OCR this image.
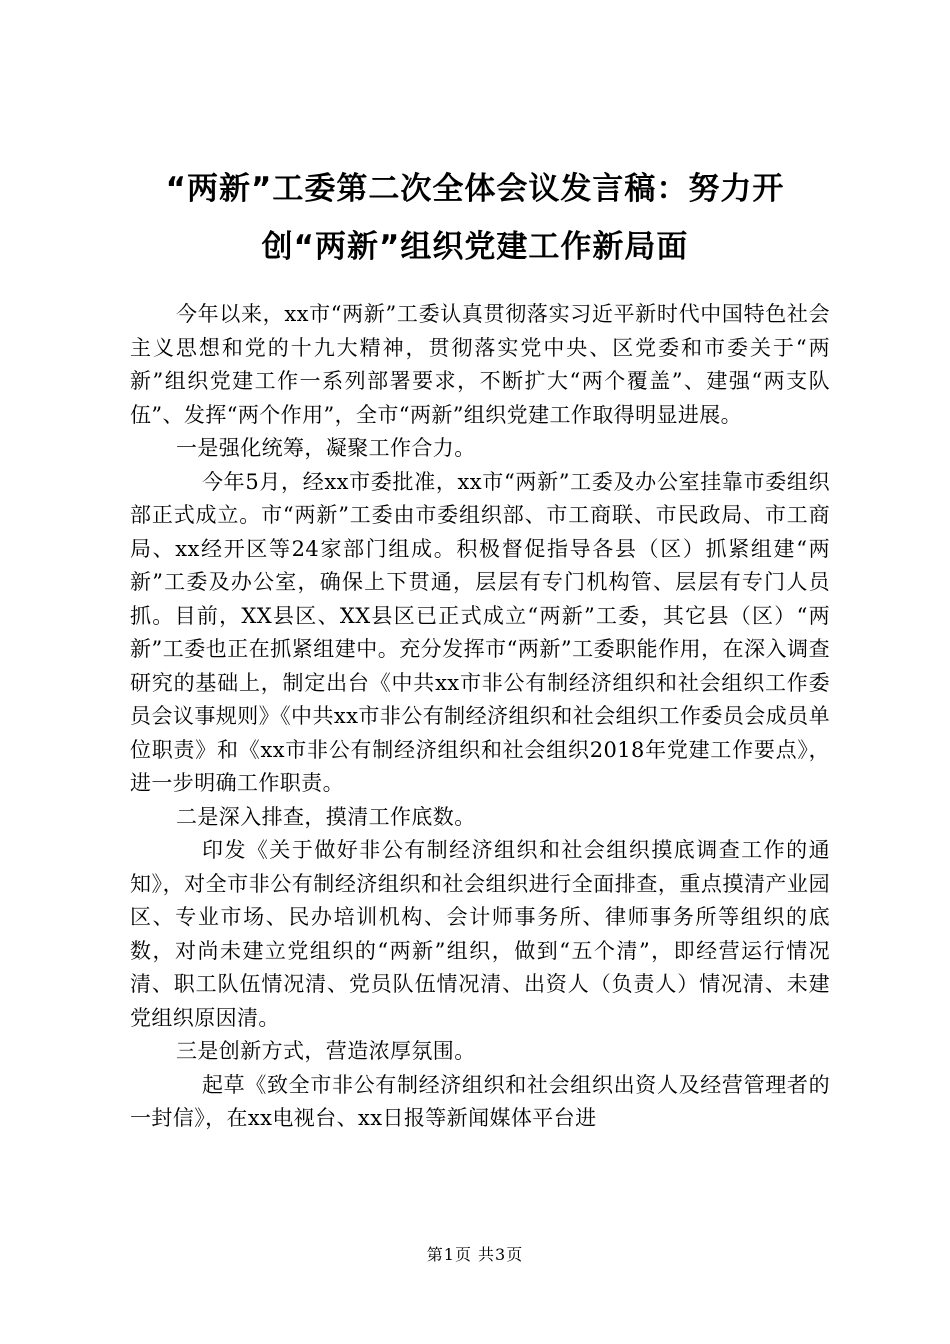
“两新”工委第二次全体会议发言稿：努力开
创“两新”组织党建工作新局面

今年以来，xx市“两新”工委认真贯彻落实习近平新时代中国特色社会主义思想和党的十九大精神，贯彻落实党中央、区党委和市委关于“两新”组织党建工作一系列部署要求，不断扩大“两个覆盖”、建强“两支队伍”、发挥“两个作用”，全市“两新”组织党建工作取得明显进展。

一是强化统筹，凝聚工作合力。

今年5月，经xx市委批准，xx市“两新”工委及办公室挂靠市委组织部正式成立。市“两新”工委由市委组织部、市工商联、市民政局、市工商局、xx经开区等24家部门组成。积极督促指导各县（区）抓紧组建“两新”工委及办公室，确保上下贯通，层层有专门机构管、层层有专门人员抓。目前，XX县区、XX县区已正式成立“两新”工委，其它县（区）“两新”工委也正在抓紧组建中。充分发挥市“两新”工委职能作用，在深入调查研究的基础上，制定出台《中共xx市非公有制经济组织和社会组织工作委员会议事规则》《中共xx市非公有制经济组织和社会组织工作委员会成员单位职责》和《xx市非公有制经济组织和社会组织2018年党建工作要点》，进一步明确工作职责。

二是深入排查，摸清工作底数。

印发《关于做好非公有制经济组织和社会组织摸底调查工作的通知》，对全市非公有制经济组织和社会组织进行全面排查，重点摸清产业园区、专业市场、民办培训机构、会计师事务所、律师事务所等组织的底数，对尚未建立党组织的“两新”组织，做到“五个清”，即经营运行情况清、职工队伍情况清、党员队伍情况清、出资人（负责人）情况清、未建党组织原因清。

三是创新方式，营造浓厚氛围。

起草《致全市非公有制经济组织和社会组织出资人及经营管理者的一封信》，在xx电视台、xx日报等新闻媒体平台进

第1页 共3页
